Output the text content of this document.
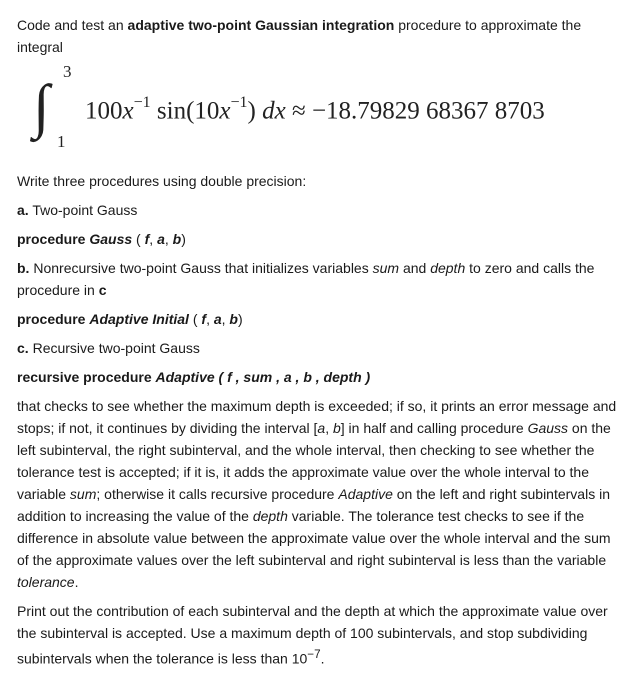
Code and test an adaptive two-point Gaussian integration procedure to approximate the integral

∫
3
1
$100x^{-1}$ $\sin(10x^{-1})$ dx ≈ −18.79829 68367 8703

Write three procedures using double precision:

a. Two-point Gauss

procedure Gauss ( f, a, b)

b. Nonrecursive two-point Gauss that initializes variables sum and depth to zero and calls the procedure in c

procedure Adaptive Initial ( f, a, b)

c. Recursive two-point Gauss

recursive procedure Adaptive ( f , sum , a , b , depth )

that checks to see whether the maximum depth is exceeded; if so, it prints an error message and stops; if not, it continues by dividing the interval [a, b] in half and calling procedure Gauss on the left subinterval, the right subinterval, and the whole interval, then checking to see whether the tolerance test is accepted; if it is, it adds the approximate value over the whole interval to the variable sum; otherwise it calls recursive procedure Adaptive on the left and right subintervals in addition to increasing the value of the depth variable. The tolerance test checks to see if the difference in absolute value between the approximate value over the whole interval and the sum of the approximate values over the left subinterval and right subinterval is less than the variable tolerance.

Print out the contribution of each subinterval and the depth at which the approximate value over the subinterval is accepted. Use a maximum depth of 100 subintervals, and stop subdividing subintervals when the tolerance is less than $10^{-7}$.
